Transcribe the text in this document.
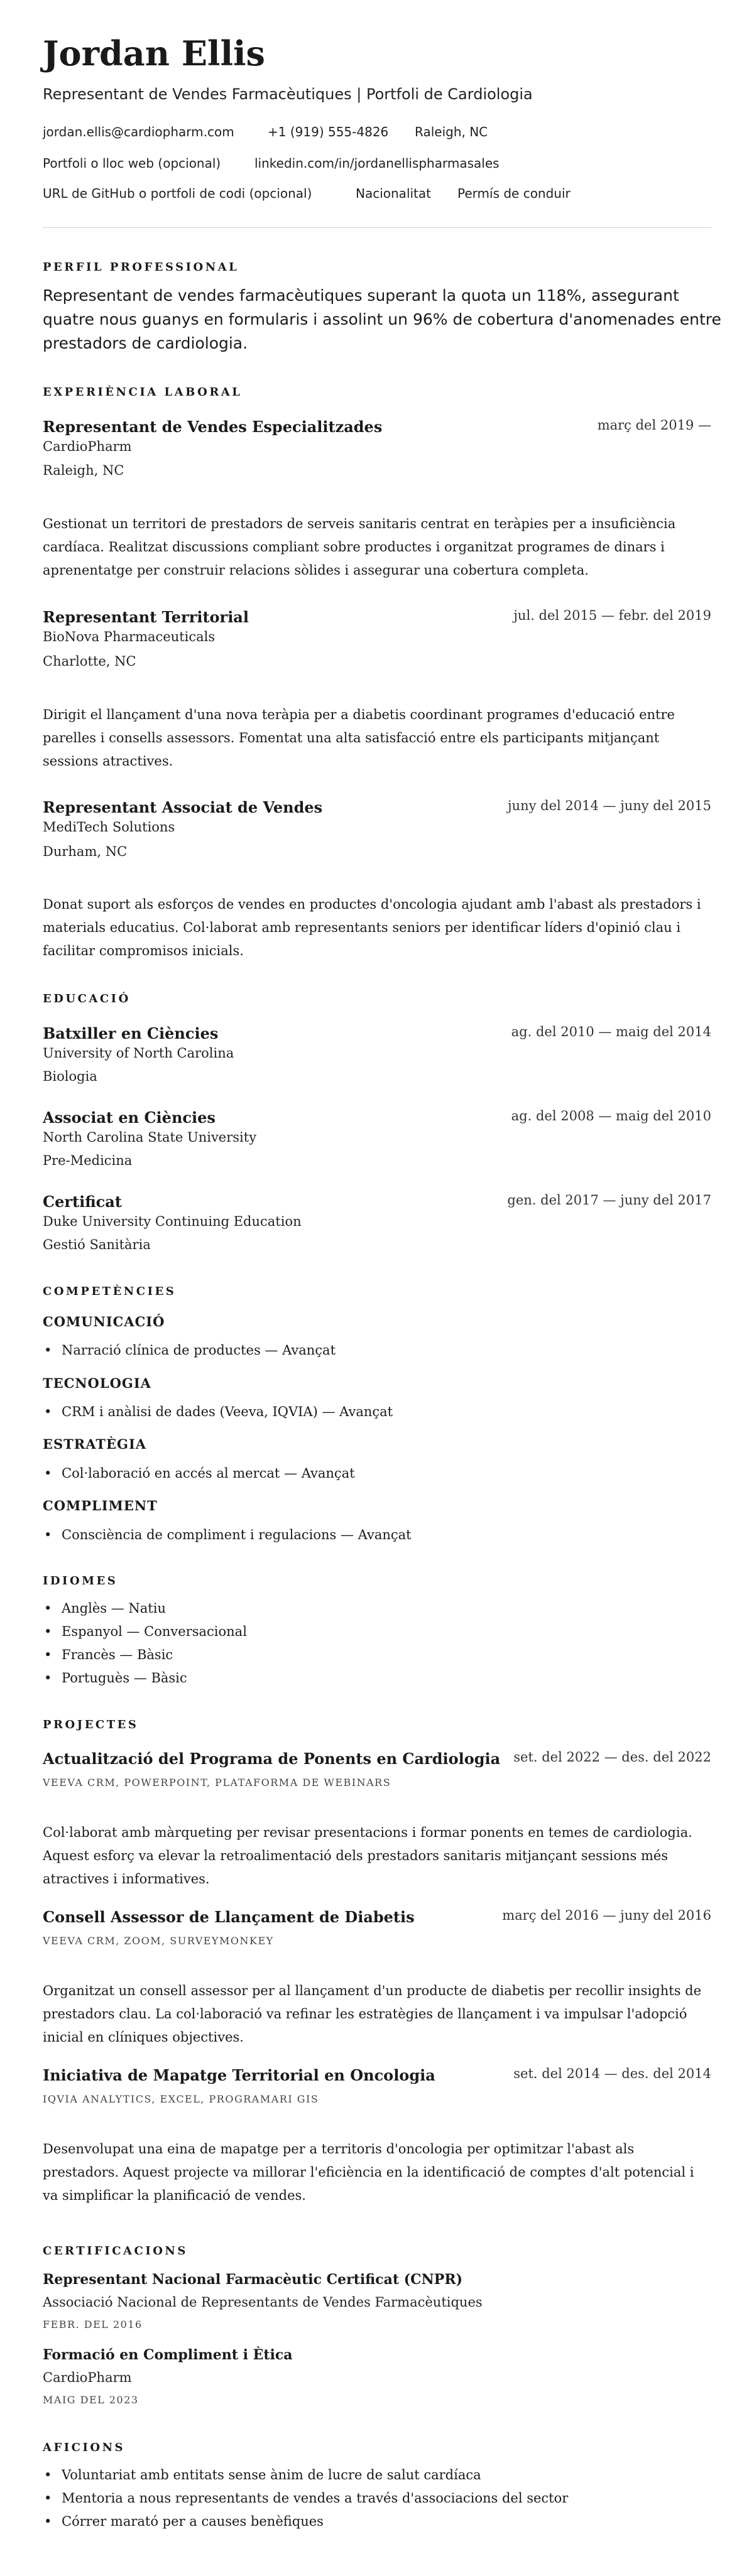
Jordan Ellis
Representant de Vendes Farmacèutiques | Portfoli de Cardiologia
jordan.ellis@cardiopharm.com	+1 (919) 555-4826 Raleigh, NC
Portfoli o lloc web (opcional)	linkedin.com/in/jordanellispharmasales
URL de GitHub o portfoli de codi (opcional)	Nacionalitat Permís de conduir
PERFIL PROFESSIONAL
Representant de vendes farmacèutiques superant la quota un 118%, assegurant quatre nous guanys en formularis i assolint un 96% de cobertura d'anomenades entre prestadors de cardiologia.
EXPERIÈNCIA LABORAL
Representant de Vendes Especialitzades	març del 2019 —
CardioPharm
Raleigh, NC
Gestionat un territori de prestadors de serveis sanitaris centrat en teràpies per a insuficiència cardíaca. Realitzat discussions compliant sobre productes i organitzat programes de dinars i aprenentatge per construir relacions sòlides i assegurar una cobertura completa.
Representant Territorial	jul. del 2015 — febr. del 2019
BioNova Pharmaceuticals
Charlotte, NC
Dirigit el llançament d'una nova teràpia per a diabetis coordinant programes d'educació entre parelles i consells assessors. Fomentat una alta satisfacció entre els participants mitjançant sessions atractives.
Representant Associat de Vendes	juny del 2014 — juny del 2015
MediTech Solutions
Durham, NC
Donat suport als esforços de vendes en productes d'oncologia ajudant amb l'abast als prestadors i materials educatius. Col·laborat amb representants seniors per identificar líders d'opinió clau i facilitar compromisos inicials.
EDUCACIÓ
Batxiller en Ciències	ag. del 2010 — maig del 2014
University of North Carolina
Biologia
Associat en Ciències	ag. del 2008 — maig del 2010
North Carolina State University
Pre-Medicina
Certificat	gen. del 2017 — juny del 2017
Duke University Continuing Education
Gestió Sanitària
COMPETÈNCIES
COMUNICACIÓ
• Narració clínica de productes — Avançat
TECNOLOGIA
• CRM i anàlisi de dades (Veeva, IQVIA) — Avançat
ESTRATÈGIA
• Col·laboració en accés al mercat — Avançat
COMPLIMENT
• Consciència de compliment i regulacions — Avançat
IDIOMES
• Anglès — Natiu
• Espanyol — Conversacional
• Francès — Bàsic
• Portuguès — Bàsic
PROJECTES
Actualització del Programa de Ponents en Cardiologia set. del 2022 — des. del 2022
VEEVA CRM, POWERPOINT, PLATAFORMA DE WEBINARS
Col·laborat amb màrqueting per revisar presentacions i formar ponents en temes de cardiologia. Aquest esforç va elevar la retroalimentació dels prestadors sanitaris mitjançant sessions més atractives i informatives.
Consell Assessor de Llançament de Diabetis	març del 2016 — juny del 2016
VEEVA CRM, ZOOM, SURVEYMONKEY
Organitzat un consell assessor per al llançament d'un producte de diabetis per recollir insights de prestadors clau. La col·laboració va refinar les estratègies de llançament i va impulsar l'adopció inicial en clíniques objectives.
Iniciativa de Mapatge Territorial en Oncologia	set. del 2014 — des. del 2014
IQVIA ANALYTICS, EXCEL, PROGRAMARI GIS
Desenvolupat una eina de mapatge per a territoris d'oncologia per optimitzar l'abast als prestadors. Aquest projecte va millorar l'eficiència en la identificació de comptes d'alt potencial i va simplificar la planificació de vendes.
CERTIFICACIONS
Representant Nacional Farmacèutic Certificat (CNPR)
Associació Nacional de Representants de Vendes Farmacèutiques
FEBR. DEL 2016
Formació en Compliment i Ètica
CardioPharm
MAIG DEL 2023
AFICIONS
• Voluntariat amb entitats sense ànim de lucre de salut cardíaca
• Mentoria a nous representants de vendes a través d'associacions del sector
• Córrer marató per a causes benèfiques
